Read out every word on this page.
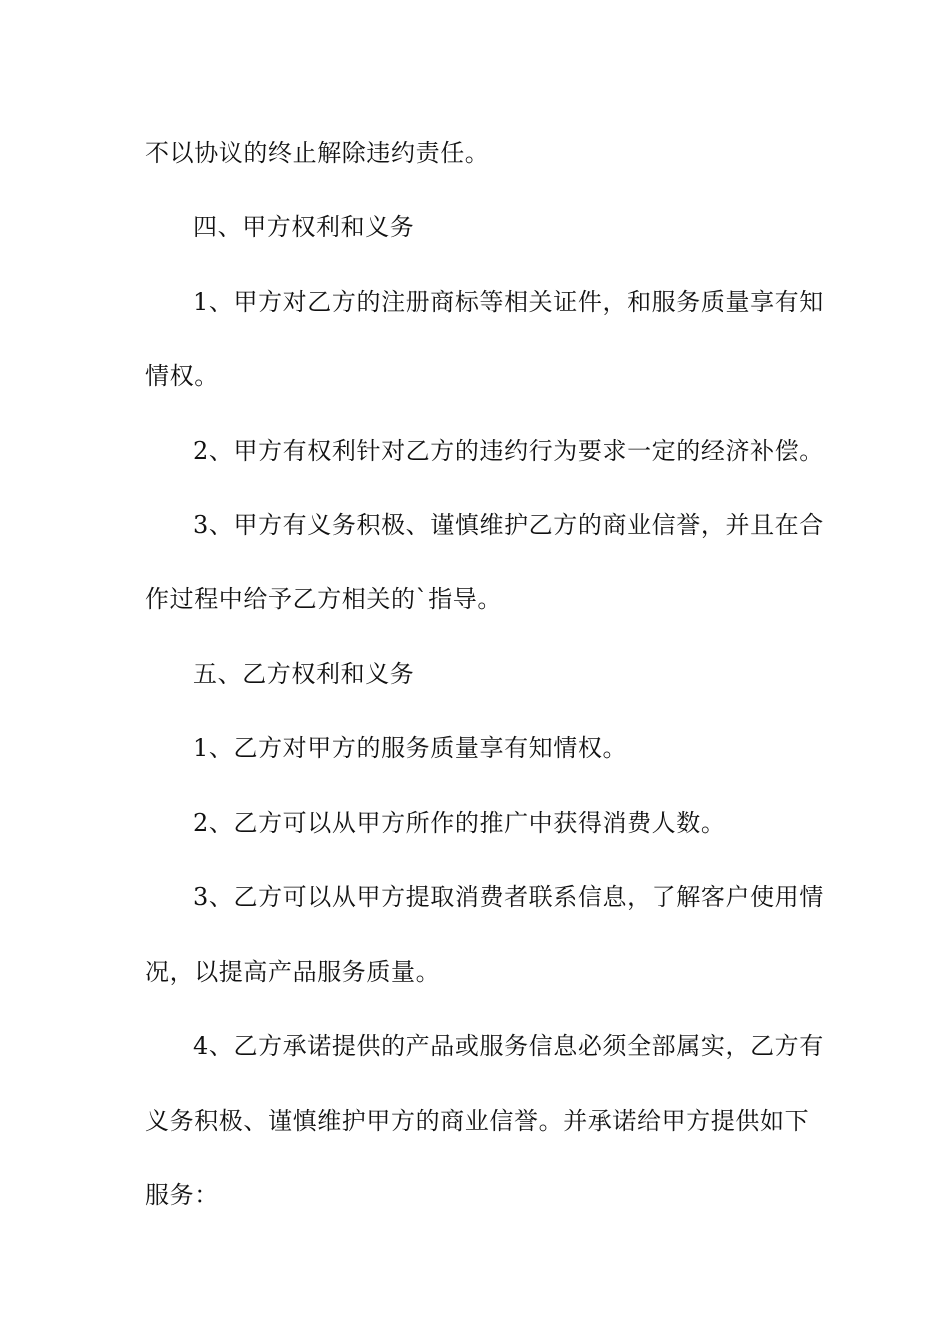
不以协议的终止解除违约责任。
四、甲方权利和义务
1、甲方对乙方的注册商标等相关证件，和服务质量享有知
情权。
2、甲方有权利针对乙方的违约行为要求一定的经济补偿。
3、甲方有义务积极、谨慎维护乙方的商业信誉，并且在合
作过程中给予乙方相关的`指导。
五、乙方权利和义务
1、乙方对甲方的服务质量享有知情权。
2、乙方可以从甲方所作的推广中获得消费人数。
3、乙方可以从甲方提取消费者联系信息，了解客户使用情
况，以提高产品服务质量。
4、乙方承诺提供的产品或服务信息必须全部属实，乙方有
义务积极、谨慎维护甲方的商业信誉。并承诺给甲方提供如下
服务：
